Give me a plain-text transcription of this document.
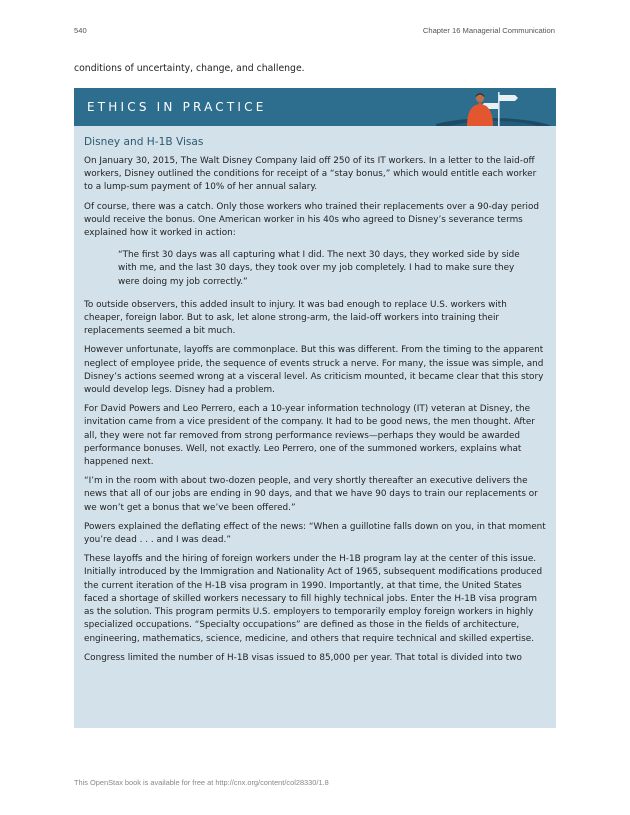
540	Chapter 16 Managerial Communication
conditions of uncertainty, change, and challenge.
ETHICS IN PRACTICE
Disney and H-1B Visas

On January 30, 2015, The Walt Disney Company laid off 250 of its IT workers. In a letter to the laid-off workers, Disney outlined the conditions for receipt of a “stay bonus,” which would entitle each worker to a lump-sum payment of 10% of her annual salary.

Of course, there was a catch. Only those workers who trained their replacements over a 90-day period would receive the bonus. One American worker in his 40s who agreed to Disney’s severance terms explained how it worked in action:

“The first 30 days was all capturing what I did. The next 30 days, they worked side by side with me, and the last 30 days, they took over my job completely. I had to make sure they were doing my job correctly.”

To outside observers, this added insult to injury. It was bad enough to replace U.S. workers with cheaper, foreign labor. But to ask, let alone strong-arm, the laid-off workers into training their replacements seemed a bit much.

However unfortunate, layoffs are commonplace. But this was different. From the timing to the apparent neglect of employee pride, the sequence of events struck a nerve. For many, the issue was simple, and Disney’s actions seemed wrong at a visceral level. As criticism mounted, it became clear that this story would develop legs. Disney had a problem.

For David Powers and Leo Perrero, each a 10-year information technology (IT) veteran at Disney, the invitation came from a vice president of the company. It had to be good news, the men thought. After all, they were not far removed from strong performance reviews—perhaps they would be awarded performance bonuses. Well, not exactly. Leo Perrero, one of the summoned workers, explains what happened next.

“I’m in the room with about two-dozen people, and very shortly thereafter an executive delivers the news that all of our jobs are ending in 90 days, and that we have 90 days to train our replacements or we won’t get a bonus that we’ve been offered.”

Powers explained the deflating effect of the news: “When a guillotine falls down on you, in that moment you’re dead . . . and I was dead.”

These layoffs and the hiring of foreign workers under the H-1B program lay at the center of this issue. Initially introduced by the Immigration and Nationality Act of 1965, subsequent modifications produced the current iteration of the H-1B visa program in 1990. Importantly, at that time, the United States faced a shortage of skilled workers necessary to fill highly technical jobs. Enter the H-1B visa program as the solution. This program permits U.S. employers to temporarily employ foreign workers in highly specialized occupations. “Specialty occupations” are defined as those in the fields of architecture, engineering, mathematics, science, medicine, and others that require technical and skilled expertise.

Congress limited the number of H-1B visas issued to 85,000 per year. That total is divided into two

This OpenStax book is available for free at http://cnx.org/content/col28330/1.8
